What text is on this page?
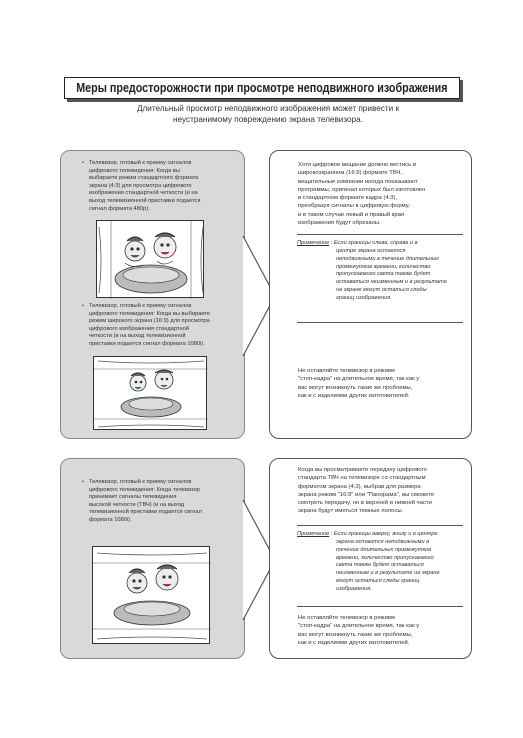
Меры предосторожности при просмотре неподвижного изображения
Длительный просмотр неподвижного изображения может привести к
неустранимому повреждению экрана телевизора.
• Телевизор, готовый к приему сигналов
цифрового телевидения: Когда вы
выбираете режим стандартного формата
экрана (4:3) для просмотра цифрового
изображения стандартной четкости (и на
выход телевизионной приставки подается
сигнал формата 480p).
• Телевизор, готовый к приему сигналов
цифрового телевидения: Когда вы выбираете
режим широкого экрана (16:9) для просмотра
цифрового изображения стандартной
четкости (и на выход телевизионной
приставки подается сигнал формата 1080i).
Хотя цифровое вещание должно вестись в
широкоэкранном (16:9) формате ТВЧ,
вещательные компании иногда показывают
программы, оригинал которых был изготовлен
в стандартном формате кадра (4:3),
преобразуя сигналы в цифровую форму,
и в таком случае левый и правый края
изображения будут обрезаны.
Примечание : Если границы слева, справа и в
центре экрана остаются
неподвижными в течение длительных
промежутков времени, количество
пропускаемого света также будет
оставаться неизменным и в результате
на экране могут остаться следы
границ изображения.
Не оставляйте телевизор в режиме
"стоп-кадра" на длительное время, так как у
вас могут возникнуть такие же проблемы,
как и с изделиями других изготовителей.
• Телевизор, готовый к приему сигналов
цифрового телевидения: Когда телевизор
принимает сигналы телевидения
высокой четкости (ТВЧ) (и на выход
телевизионной приставки подается сигнал
формата 1080i).
Когда вы просматриваете передачу цифрового
стандарта ТВЧ на телевизоре со стандартным
форматом экрана (4:3), выбрав для размера
экрана режим "16:9" или "Панорама", вы сможете
смотреть передачу, но в верхней и нижней части
экрана будут иметься темные полосы.
Примечание : Если границы вверху, внизу и в центре
экрана остаются неподвижными в
течение длительных промежутков
времени, количество пропускаемого
света также будет оставаться
неизменным и в результате на экране
могут остаться следы границ
изображения.
Не оставляйте телевизор в режиме
"стоп-кадра" на длительное время, так как у
вас могут возникнуть такие же проблемы,
как и с изделиями других изготовителей.
